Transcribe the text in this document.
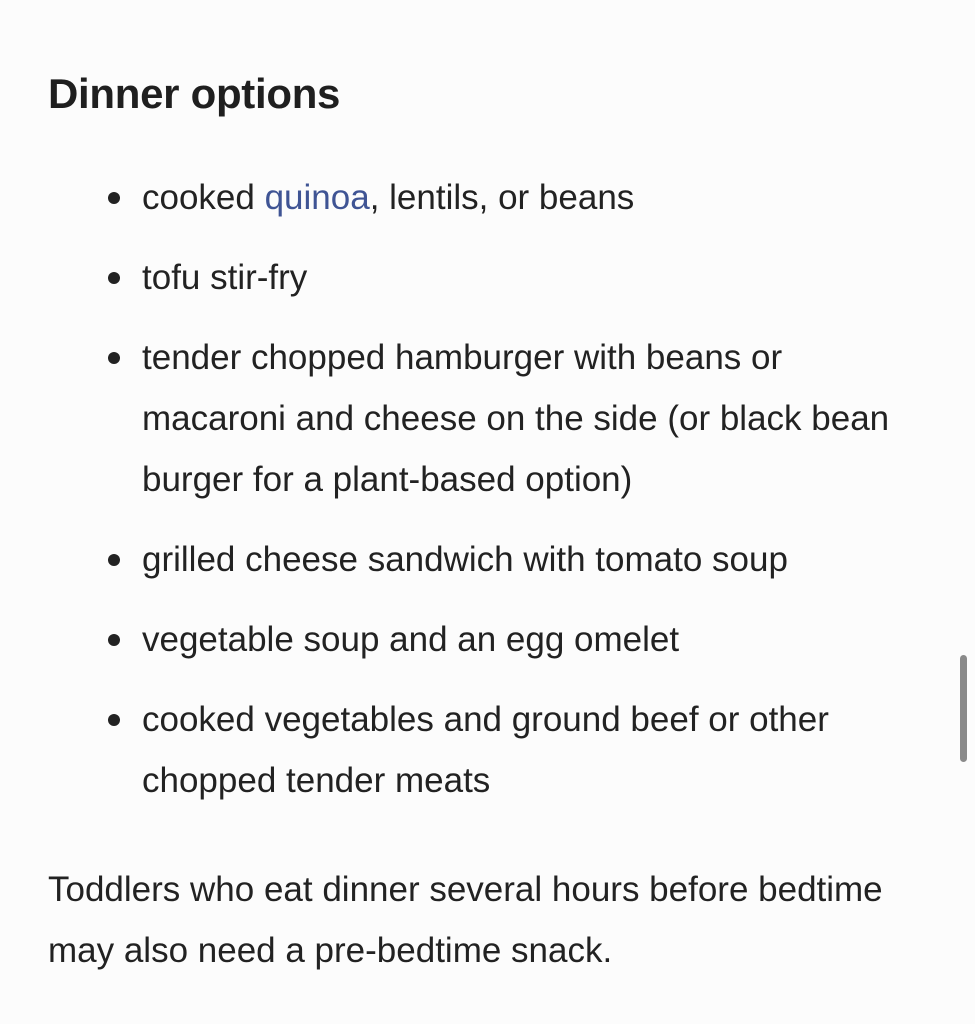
Dinner options
cooked quinoa, lentils, or beans
tofu stir-fry
tender chopped hamburger with beans or macaroni and cheese on the side (or black bean burger for a plant-based option)
grilled cheese sandwich with tomato soup
vegetable soup and an egg omelet
cooked vegetables and ground beef or other chopped tender meats

Toddlers who eat dinner several hours before bedtime may also need a pre-bedtime snack.
